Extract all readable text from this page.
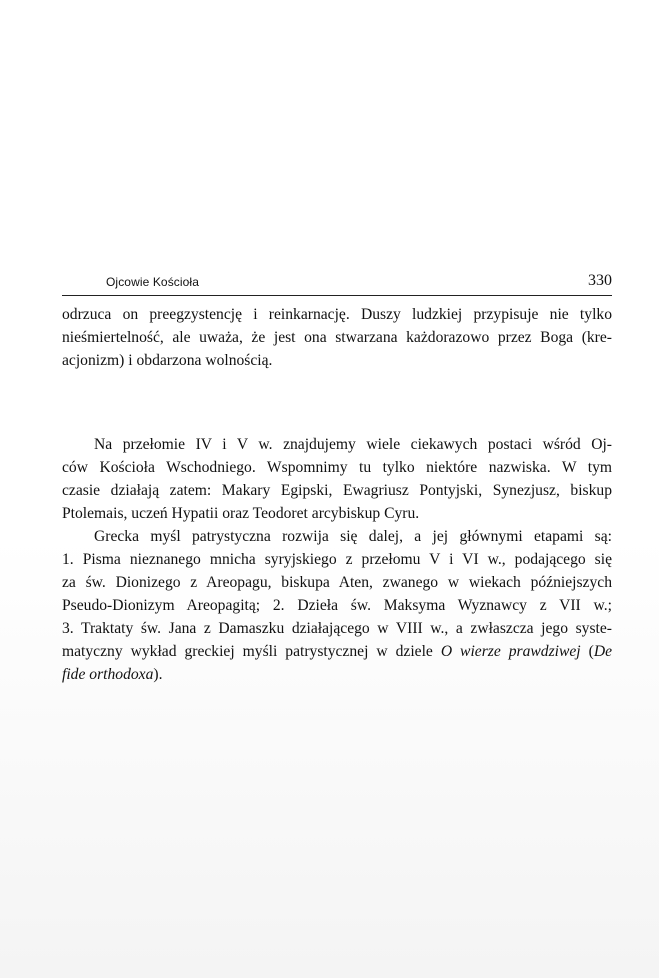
Ojcowie Kościoła	330
odrzuca on preegzystencję i reinkarnację. Duszy ludzkiej przypisuje nie tylko
nieśmiertelność, ale uważa, że jest ona stwarzana każdorazowo przez Boga (kre-
acjonizm) i obdarzona wolnością.
Na przełomie IV i V w. znajdujemy wiele ciekawych postaci wśród Oj-
ców Kościoła Wschodniego. Wspomnimy tu tylko niektóre nazwiska. W tym
czasie działają zatem: Makary Egipski, Ewagriusz Pontyjski, Synezjusz, biskup
Ptolemais, uczeń Hypatii oraz Teodoret arcybiskup Cyru.
Grecka myśl patrystyczna rozwija się dalej, a jej głównymi etapami są:
1. Pisma nieznanego mnicha syryjskiego z przełomu V i VI w., podającego się
za św. Dionizego z Areopagu, biskupa Aten, zwanego w wiekach późniejszych
Pseudo-Dionizym Areopagitą; 2. Dzieła św. Maksyma Wyznawcy z VII w.;
3. Traktaty św. Jana z Damaszku działającego w VIII w., a zwłaszcza jego syste-
matyczny wykład greckiej myśli patrystycznej w dziele O wierze prawdziwej (De
fide orthodoxa).
